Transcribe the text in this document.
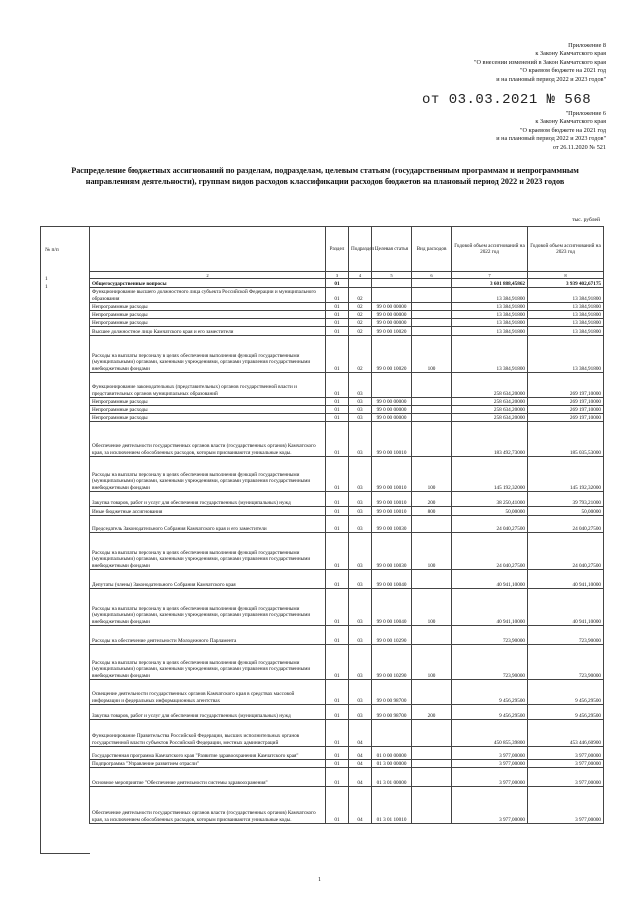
Приложение 8
к Закону Камчатского края
"О внесении изменений в Закон Камчатского края
"О краевом бюджете на 2021 год
и на плановый период 2022 и 2023 годов"
от 03.03.2021 № 568
"Приложение 6
к Закону Камчатского края
"О краевом бюджете на 2021 год
и на плановый период 2022 и 2023 годов"
от 26.11.2020 № 521
Распределение бюджетных ассигнований по разделам, подразделам, целевым статьям (государственным программам и непрограммным направлениям деятельности), группам видов расходов классификации расходов бюджетов на плановый период 2022 и 2023 годов
тыс. рублей
№ п/п
1
1
	Раздел	Подраздел	Целевая статья	Вид расходов	Годовой объем ассигнований на 2022 год	Годовой объем ассигнований на 2023 год
2	3	4	5	6	7	8
Общегосударственные вопросы	01				3 601 888,45862	3 939 402,67175
Функционирование высшего должностного лица субъекта Российской Федерации и муниципального образования	01	02			13 384,91800	13 384,91800
Непрограммные расходы	01	02	99 0 00 00000		13 384,91800	13 384,91800
Непрограммные расходы	01	02	99 0 00 00000		13 384,91800	13 384,91800
Непрограммные расходы	01	02	99 0 00 00000		13 384,91800	13 384,91800
Высшее должностное лицо Камчатского края и его заместители	01	02	99 0 00 10020		13 384,91800	13 384,91800
Расходы на выплаты персоналу в целях обеспечения выполнения функций государственными (муниципальными) органами, казенными учреждениями, органами управления государственными внебюджетными фондами	01	02	99 0 00 10020	100	13 384,91800	13 384,91800
Функционирование законодательных (представительных) органов государственной власти и представительных органов муниципальных образований	01	03			258 634,20000	269 197,10000
Непрограммные расходы	01	03	99 0 00 00000		258 634,20000	269 197,10000
Непрограммные расходы	01	03	99 0 00 00000		258 634,20000	269 197,10000
Непрограммные расходы	01	03	99 0 00 00000		258 634,20000	269 197,10000
Обеспечение деятельности государственных органов власти (государственных органов) Камчатского края, за исключением обособленных расходов, которым присваиваются уникальные коды.	01	03	99 0 00 10010		183 492,73000	185 035,53000
Расходы на выплаты персоналу в целях обеспечения выполнения функций государственными (муниципальными) органами, казенными учреждениями, органами управления государственными внебюджетными фондами	01	03	99 0 00 10010	100	145 192,32000	145 192,32000
Закупка товаров, работ и услуг для обеспечения государственных (муниципальных) нужд	01	03	99 0 00 10010	200	38 250,41000	39 793,21000
Иные бюджетные ассигнования	01	03	99 0 00 10010	800	50,00000	50,00000
Председатель Законодательного Собрания Камчатского края и его заместители	01	03	99 0 00 10030		24 040,27500	24 040,27500
Расходы на выплаты персоналу в целях обеспечения выполнения функций государственными (муниципальными) органами, казенными учреждениями, органами управления государственными внебюджетными фондами	01	03	99 0 00 10030	100	24 040,27500	24 040,27500
Депутаты (члены) Законодательного Собрания Камчатского края	01	03	99 0 00 10040		40 941,10000	40 941,10000
Расходы на выплаты персоналу в целях обеспечения выполнения функций государственными (муниципальными) органами, казенными учреждениями, органами управления государственными внебюджетными фондами	01	03	99 0 00 10040	100	40 941,10000	40 941,10000
Расходы на обеспечение деятельности Молодежного Парламента	01	03	99 0 00 10290		723,90000	723,90000
Расходы на выплаты персоналу в целях обеспечения выполнения функций государственными (муниципальными) органами, казенными учреждениями, органами управления государственными внебюджетными фондами	01	03	99 0 00 10290	100	723,90000	723,90000
Освещение деятельности государственных органов Камчатского края в средствах массовой информации и федеральных информационных агентствах	01	03	99 0 00 98700		9 456,29500	9 456,29500
Закупка товаров, работ и услуг для обеспечения государственных (муниципальных) нужд	01	03	99 0 00 98700	200	9 456,29500	9 456,29500
Функционирование Правительства Российской Федерации, высших исполнительных органов государственной власти субъектов Российской Федерации, местных администраций	01	04			450 855,39800	453 446,60900
Государственная программа Камчатского края "Развитие здравоохранения Камчатского края"	01	04	01 0 00 00000		3 977,00000	3 977,00000
Подпрограмма "Управление развитием отрасли"	01	04	01 3 00 00000		3 977,00000	3 977,00000
Основное мероприятие "Обеспечение деятельности системы здравоохранения"	01	04	01 3 01 00000		3 977,00000	3 977,00000
Обеспечение деятельности государственных органов власти (государственных органов) Камчатского края, за исключением обособленных расходов, которым присваиваются уникальные коды.	01	04	01 3 01 10010		3 977,00000	3 977,00000
1
